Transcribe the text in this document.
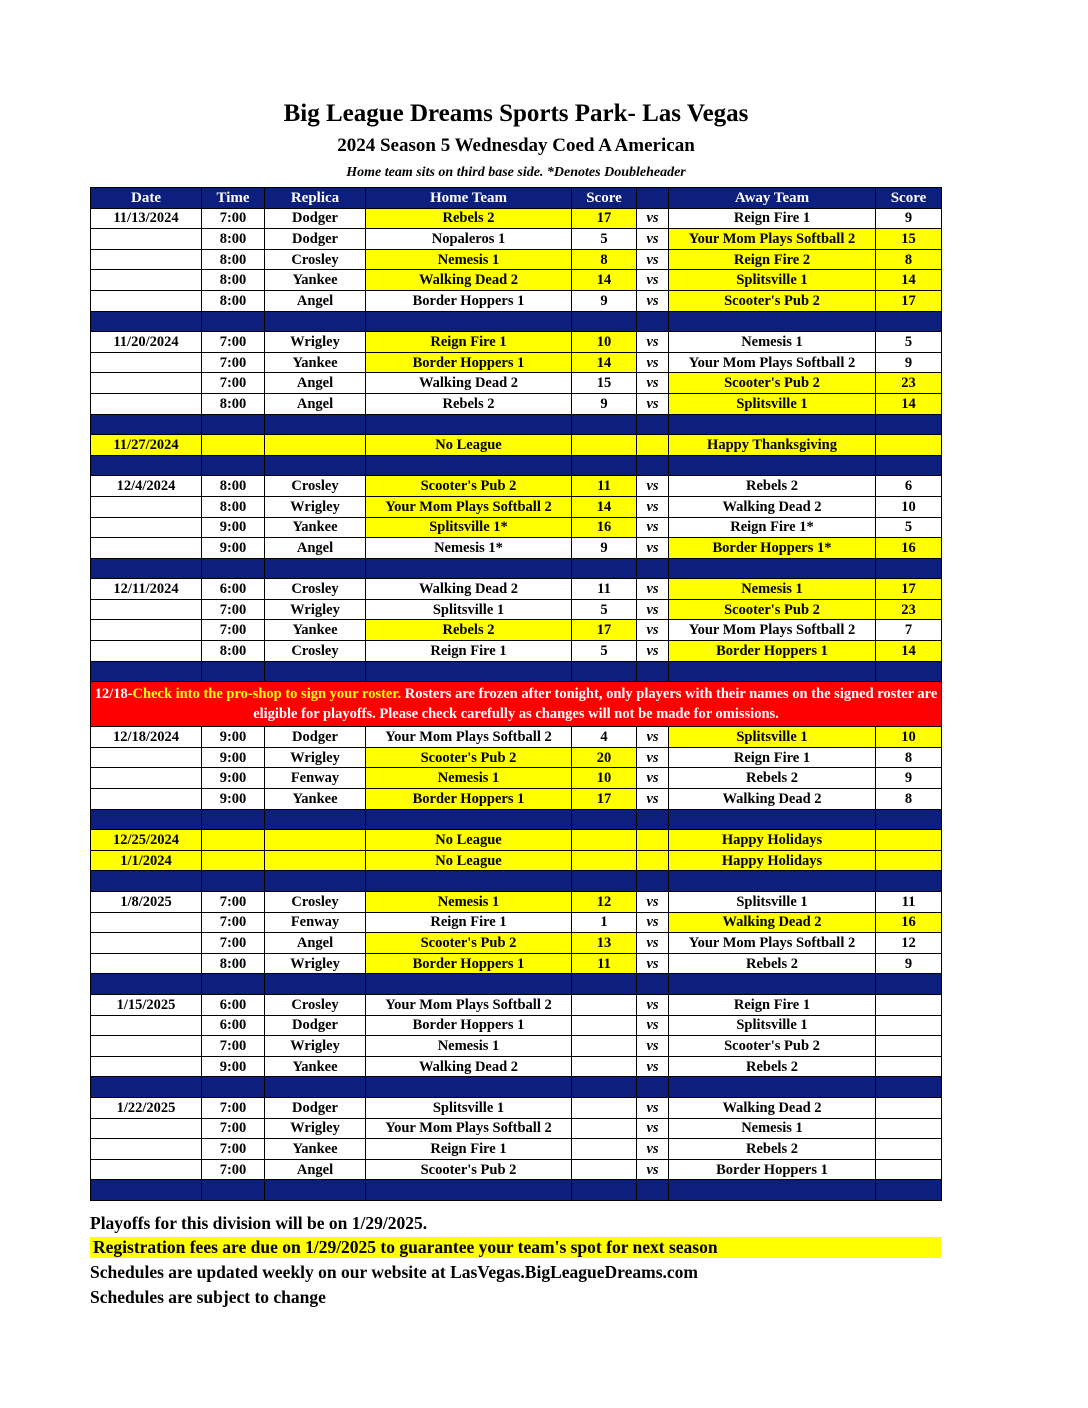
Big League Dreams Sports Park- Las Vegas
2024 Season 5 Wednesday Coed A American
Home team sits on third base side. *Denotes Doubleheader
Date	Time	Replica	Home Team	Score		Away Team	Score
11/13/2024	7:00	Dodger	Rebels 2	17	vs	Reign Fire 1	9
	8:00	Dodger	Nopaleros 1	5	vs	Your Mom Plays Softball 2	15
	8:00	Crosley	Nemesis 1	8	vs	Reign Fire 2	8
	8:00	Yankee	Walking Dead 2	14	vs	Splitsville 1	14
	8:00	Angel	Border Hoppers 1	9	vs	Scooter's Pub 2	17

11/20/2024	7:00	Wrigley	Reign Fire 1	10	vs	Nemesis 1	5
	7:00	Yankee	Border Hoppers 1	14	vs	Your Mom Plays Softball 2	9
	7:00	Angel	Walking Dead 2	15	vs	Scooter's Pub 2	23
	8:00	Angel	Rebels 2	9	vs	Splitsville 1	14

11/27/2024			No League			Happy Thanksgiving	

12/4/2024	8:00	Crosley	Scooter's Pub 2	11	vs	Rebels 2	6
	8:00	Wrigley	Your Mom Plays Softball 2	14	vs	Walking Dead 2	10
	9:00	Yankee	Splitsville 1*	16	vs	Reign Fire 1*	5
	9:00	Angel	Nemesis 1*	9	vs	Border Hoppers 1*	16

12/11/2024	6:00	Crosley	Walking Dead 2	11	vs	Nemesis 1	17
	7:00	Wrigley	Splitsville 1	5	vs	Scooter's Pub 2	23
	7:00	Yankee	Rebels 2	17	vs	Your Mom Plays Softball 2	7
	8:00	Crosley	Reign Fire 1	5	vs	Border Hoppers 1	14

12/18-Check into the pro-shop to sign your roster. Rosters are frozen after tonight, only players with their names on the signed roster are eligible for playoffs. Please check carefully as changes will not be made for omissions.							
12/18/2024	9:00	Dodger	Your Mom Plays Softball 2	4	vs	Splitsville 1	10
	9:00	Wrigley	Scooter's Pub 2	20	vs	Reign Fire 1	8
	9:00	Fenway	Nemesis 1	10	vs	Rebels 2	9
	9:00	Yankee	Border Hoppers 1	17	vs	Walking Dead 2	8

12/25/2024			No League			Happy Holidays	
1/1/2024			No League			Happy Holidays	

1/8/2025	7:00	Crosley	Nemesis 1	12	vs	Splitsville 1	11
	7:00	Fenway	Reign Fire 1	1	vs	Walking Dead 2	16
	7:00	Angel	Scooter's Pub 2	13	vs	Your Mom Plays Softball 2	12
	8:00	Wrigley	Border Hoppers 1	11	vs	Rebels 2	9

1/15/2025	6:00	Crosley	Your Mom Plays Softball 2		vs	Reign Fire 1	
	6:00	Dodger	Border Hoppers 1		vs	Splitsville 1	
	7:00	Wrigley	Nemesis 1		vs	Scooter's Pub 2	
	9:00	Yankee	Walking Dead 2		vs	Rebels 2	

1/22/2025	7:00	Dodger	Splitsville 1		vs	Walking Dead 2	
	7:00	Wrigley	Your Mom Plays Softball 2		vs	Nemesis 1	
	7:00	Yankee	Reign Fire 1		vs	Rebels 2	
	7:00	Angel	Scooter's Pub 2		vs	Border Hoppers 1	

Playoffs for this division will be on 1/29/2025.
Registration fees are due on 1/29/2025 to guarantee your team's spot for next season
Schedules are updated weekly on our website at LasVegas.BigLeagueDreams.com
Schedules are subject to change
